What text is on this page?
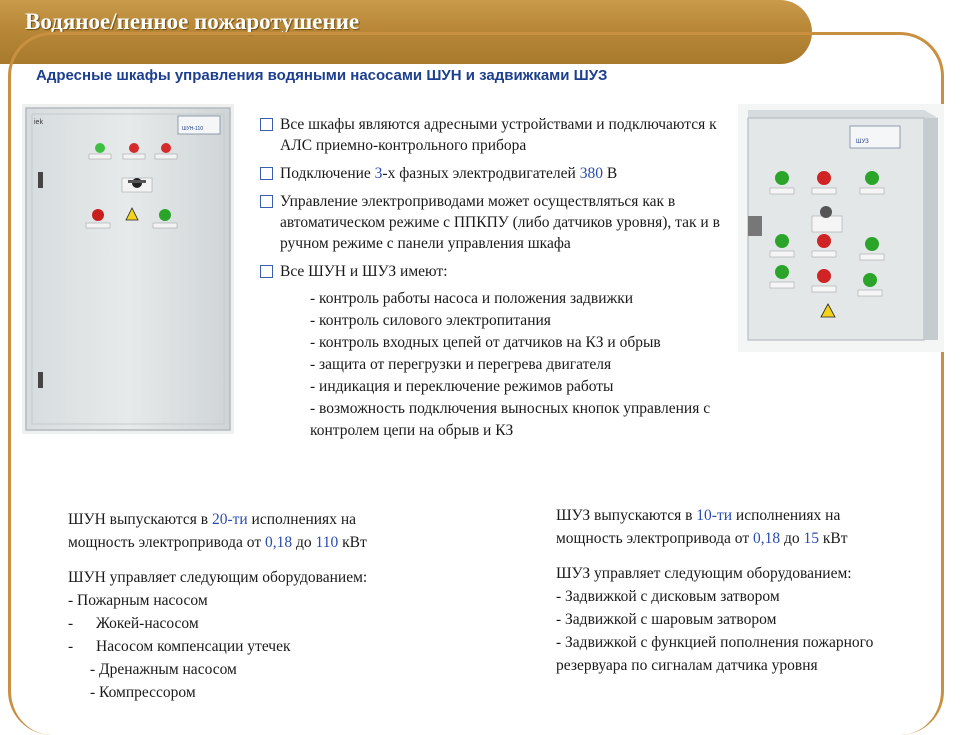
Водяное/пенное пожаротушение
Адресные шкафы управления водяными насосами ШУН и задвижками ШУЗ
iek
ШУН-110
ШУЗ
Все шкафы являются адресными устройствами и подключаются к АЛС приемно-контрольного прибора
Подключение 3-х фазных электродвигателей 380 В
Управление электроприводами может осуществляться как в автоматическом режиме с ППКПУ (либо датчиков уровня), так и в ручном режиме с панели управления шкафа
Все ШУН и ШУЗ имеют:
- контроль работы насоса и положения задвижки
- контроль силового электропитания
- контроль входных цепей от датчиков на КЗ и обрыв
- защита от перегрузки и перегрева двигателя
- индикация и переключение режимов работы
- возможность подключения выносных кнопок управления с контролем цепи на обрыв и КЗ
ШУН выпускаются в 20-ти исполнениях на
мощность электропривода от 0,18 до 110 кВт
ШУН управляет следующим оборудованием:
- Пожарным насосом
- Жокей-насосом
- Насосом компенсации утечек
- Дренажным насосом
- Компрессором
ШУЗ выпускаются в 10-ти исполнениях на
мощность электропривода от 0,18 до 15 кВт
ШУЗ управляет следующим оборудованием:
- Задвижкой с дисковым затвором
- Задвижкой с шаровым затвором
- Задвижкой с функцией пополнения пожарного резервуара по сигналам датчика уровня
